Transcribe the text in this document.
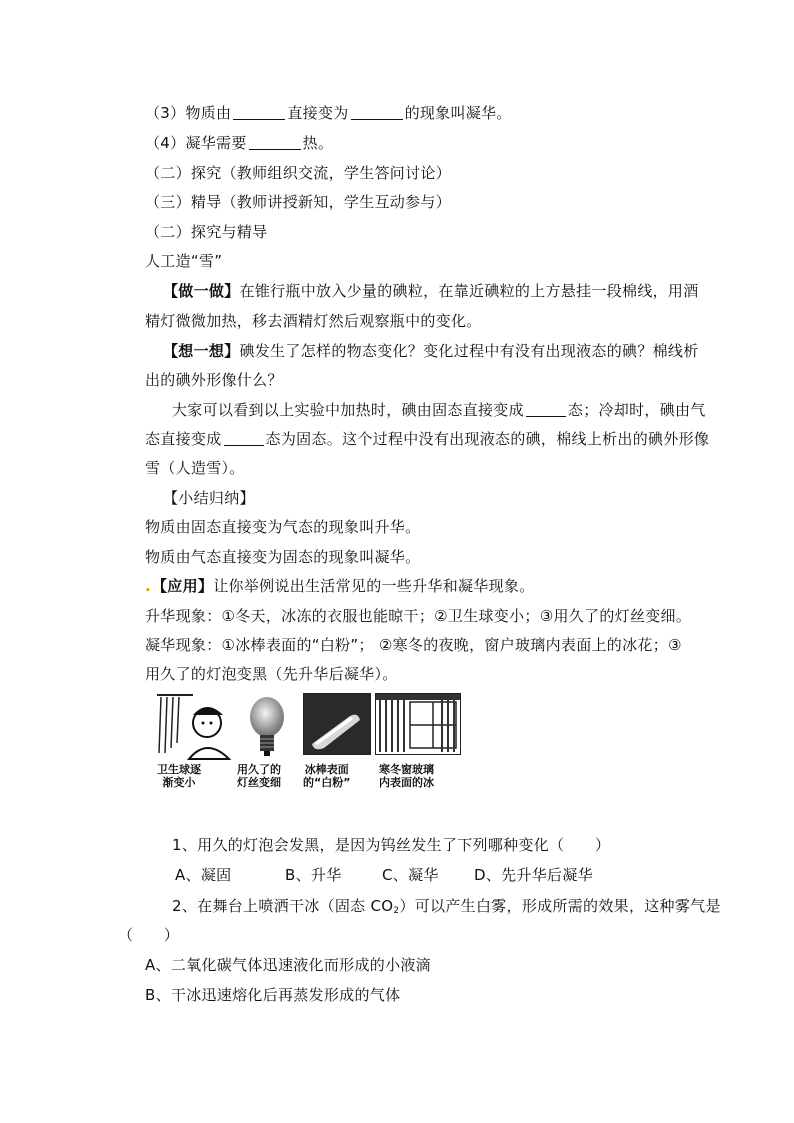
（3）物质由	直接变为	的现象叫凝华。
（4）凝华需要	热。
（二）探究（教师组织交流，学生答问讨论）
（三）精导（教师讲授新知，学生互动参与）
（二）探究与精导
人工造“雪”
【做一做】在锥行瓶中放入少量的碘粒，在靠近碘粒的上方悬挂一段棉线，用酒
精灯微微加热，移去酒精灯然后观察瓶中的变化。
【想一想】碘发生了怎样的物态变化？变化过程中有没有出现液态的碘？棉线析
出的碘外形像什么？
大家可以看到以上实验中加热时，碘由固态直接变成	态；冷却时，碘由气
态直接变成	态为固态。这个过程中没有出现液态的碘，棉线上析出的碘外形像
雪（人造雪）。
【小结归纳】
物质由固态直接变为气态的现象叫升华。
物质由气态直接变为固态的现象叫凝华。
.【应用】让你举例说出生活常见的一些升华和凝华现象。
升华现象：①冬天，冰冻的衣服也能晾干；②卫生球变小；③用久了的灯丝变细。
凝华现象：①冰棒表面的“白粉”； ②寒冬的夜晚，窗户玻璃内表面上的冰花；③
用久了的灯泡变黑（先升华后凝华）。
卫生球逐
渐变小
用久了的
灯丝变细
冰棒表面
的“白粉”
寒冬窗玻璃
内表面的冰
1、用久的灯泡会发黑，是因为钨丝发生了下列哪种变化（　　）
A、凝固	B、升华	C、凝华 D、先升华后凝华
2、在舞台上喷洒干冰（固态 $CO_2$）可以产生白雾，形成所需的效果，这种雾气是
（　　）
A、二氧化碳气体迅速液化而形成的小液滴
B、干冰迅速熔化后再蒸发形成的气体
